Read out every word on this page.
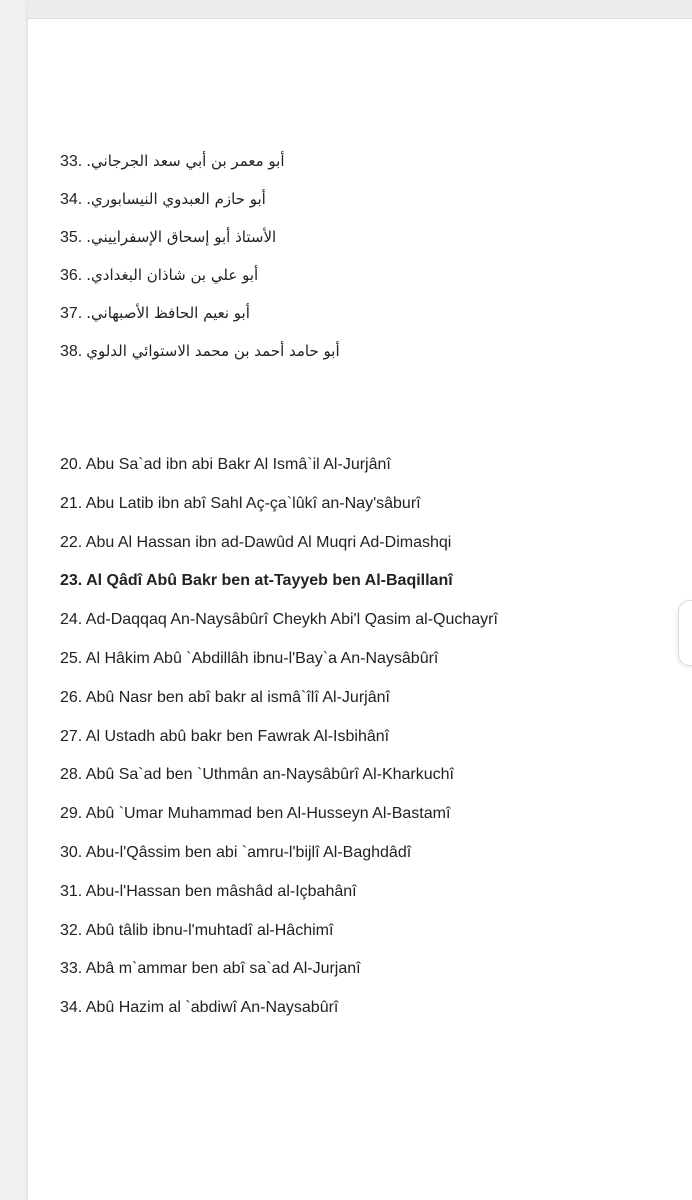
33. أبو معمر بن أبي سعد الجرجاني.
34. أبو حازم العبدوي النيسابوري.
35. الأستاذ أبو إسحاق الإسفراييني.
36. أبو علي بن شاذان البغدادي.
37. أبو نعيم الحافظ الأصبهاني.
38. أبو حامد أحمد بن محمد الاستوائي الدلوي
20. Abu Sa`ad ibn abi Bakr Al Ismâ`il Al-Jurjânî
21. Abu Latib ibn abî Sahl Aç-ça`lûkî an-Nay'sâburî
22. Abu Al Hassan ibn ad-Dawûd Al Muqri Ad-Dimashqi
23. Al Qâdî Abû Bakr ben at-Tayyeb ben Al-Baqillanî
24. Ad-Daqqaq An-Naysâbûrî Cheykh Abi'l Qasim al-Quchayrî
25. Al Hâkim Abû `Abdillâh ibnu-l'Bay`a An-Naysâbûrî
26. Abû Nasr ben abî bakr al ismâ`îlî Al-Jurjânî
27. Al Ustadh abû bakr ben Fawrak Al-Isbihânî
28. Abû Sa`ad ben `Uthmân an-Naysâbûrî Al-Kharkuchî
29. Abû `Umar Muhammad ben Al-Husseyn Al-Bastamî
30. Abu-l'Qâssim ben abi `amru-l'bijlî Al-Baghdâdî
31. Abu-l'Hassan ben mâshâd al-Içbahânî
32. Abû tâlib ibnu-l'muhtadî al-Hâchimî
33. Abâ m`ammar ben abî sa`ad Al-Jurjanî
34. Abû Hazim al `abdiwî An-Naysabûrî
